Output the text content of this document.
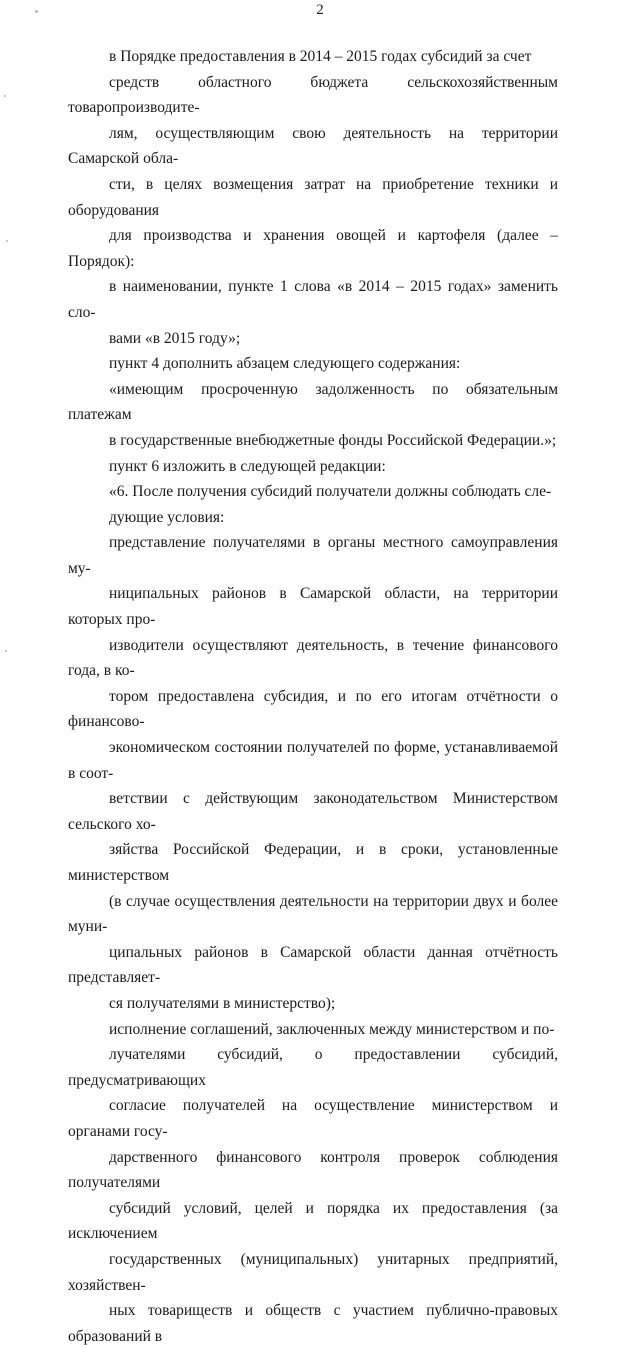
2

в Порядке предоставления в 2014 – 2015 годах субсидий за счет
средств областного бюджета сельскохозяйственным товаропроизводите-
лям, осуществляющим свою деятельность на территории Самарской обла-
сти, в целях возмещения затрат на приобретение техники и оборудования
для производства и хранения овощей и картофеля (далее – Порядок):

в наименовании, пункте 1 слова «в 2014 – 2015 годах» заменить сло-
вами «в 2015 году»;

пункт 4 дополнить абзацем следующего содержания:

«имеющим просроченную задолженность по обязательным платежам
в государственные внебюджетные фонды Российской Федерации.»;

пункт 6 изложить в следующей редакции:

«6. После получения субсидий получатели должны соблюдать сле-
дующие условия:

представление получателями в органы местного самоуправления му-
ниципальных районов в Самарской области, на территории которых про-
изводители осуществляют деятельность, в течение финансового года, в ко-
тором предоставлена субсидия, и по его итогам отчётности о финансово-
экономическом состоянии получателей по форме, устанавливаемой в соот-
ветствии с действующим законодательством Министерством сельского хо-
зяйства Российской Федерации, и в сроки, установленные министерством
(в случае осуществления деятельности на территории двух и более муни-
ципальных районов в Самарской области данная отчётность представляет-
ся получателями в министерство);

исполнение соглашений, заключенных между министерством и по-
лучателями субсидий, о предоставлении субсидий, предусматривающих
согласие получателей на осуществление министерством и органами госу-
дарственного финансового контроля проверок соблюдения получателями
субсидий условий, целей и порядка их предоставления (за исключением
государственных (муниципальных) унитарных предприятий, хозяйствен-
ных товариществ и обществ с участием публично-правовых образований в
